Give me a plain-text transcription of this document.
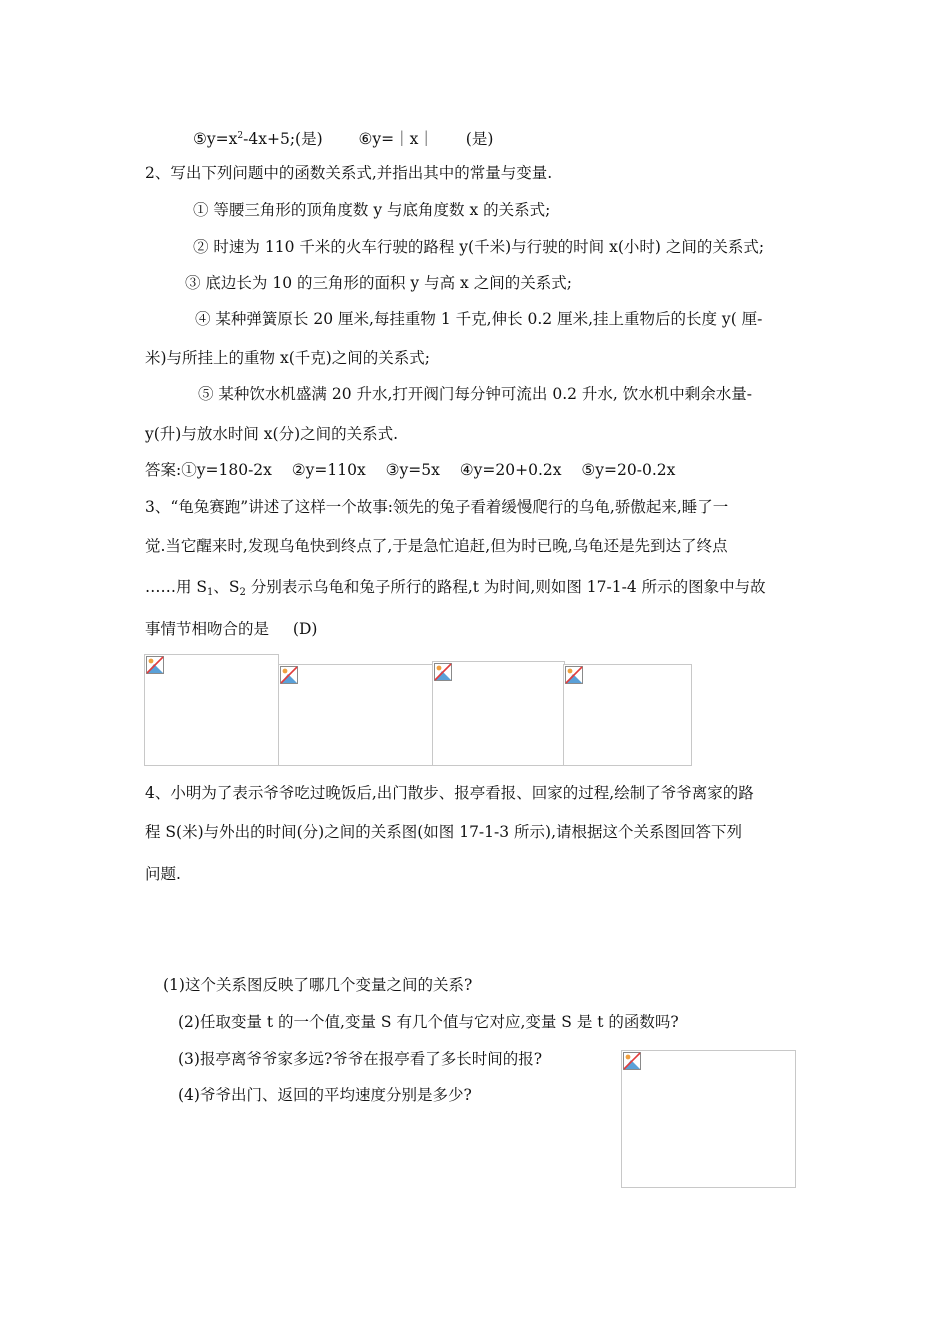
$⑤y=x^2-4x+5$;(是) ⑥y=｜x｜ (是)
2、写出下列问题中的函数关系式,并指出其中的常量与变量.
① 等腰三角形的顶角度数 y 与底角度数 x 的关系式;
② 时速为 110 千米的火车行驶的路程 y(千米)与行驶的时间 x(小时) 之间的关系式;
③ 底边长为 10 的三角形的面积 y 与高 x 之间的关系式;
④ 某种弹簧原长 20 厘米,每挂重物 1 千克,伸长 0.2 厘米,挂上重物后的长度 y( 厘-
米)与所挂上的重物 x(千克)之间的关系式;
⑤ 某种饮水机盛满 20 升水,打开阀门每分钟可流出 0.2 升水, 饮水机中剩余水量-
y(升)与放水时间 x(分)之间的关系式.
答案:①y=180-2x ②y=110x ③y=5x ④y=20+0.2x ⑤y=20-0.2x
3、“龟兔赛跑”讲述了这样一个故事:领先的兔子看着缓慢爬行的乌龟,骄傲起来,睡了一
觉.当它醒来时,发现乌龟快到终点了,于是急忙追赶,但为时已晚,乌龟还是先到达了终点
……用 $S_1$、$S_2$ 分别表示乌龟和兔子所行的路程,t 为时间,则如图 17-1-4 所示的图象中与故
事情节相吻合的是 (D)
4、小明为了表示爷爷吃过晚饭后,出门散步、报亭看报、回家的过程,绘制了爷爷离家的路
程 S(米)与外出的时间(分)之间的关系图(如图 17-1-3 所示),请根据这个关系图回答下列
问题.
(1)这个关系图反映了哪几个变量之间的关系?
(2)任取变量 t 的一个值,变量 S 有几个值与它对应,变量 S 是 t 的函数吗?
(3)报亭离爷爷家多远?爷爷在报亭看了多长时间的报?
(4)爷爷出门、返回的平均速度分别是多少?
